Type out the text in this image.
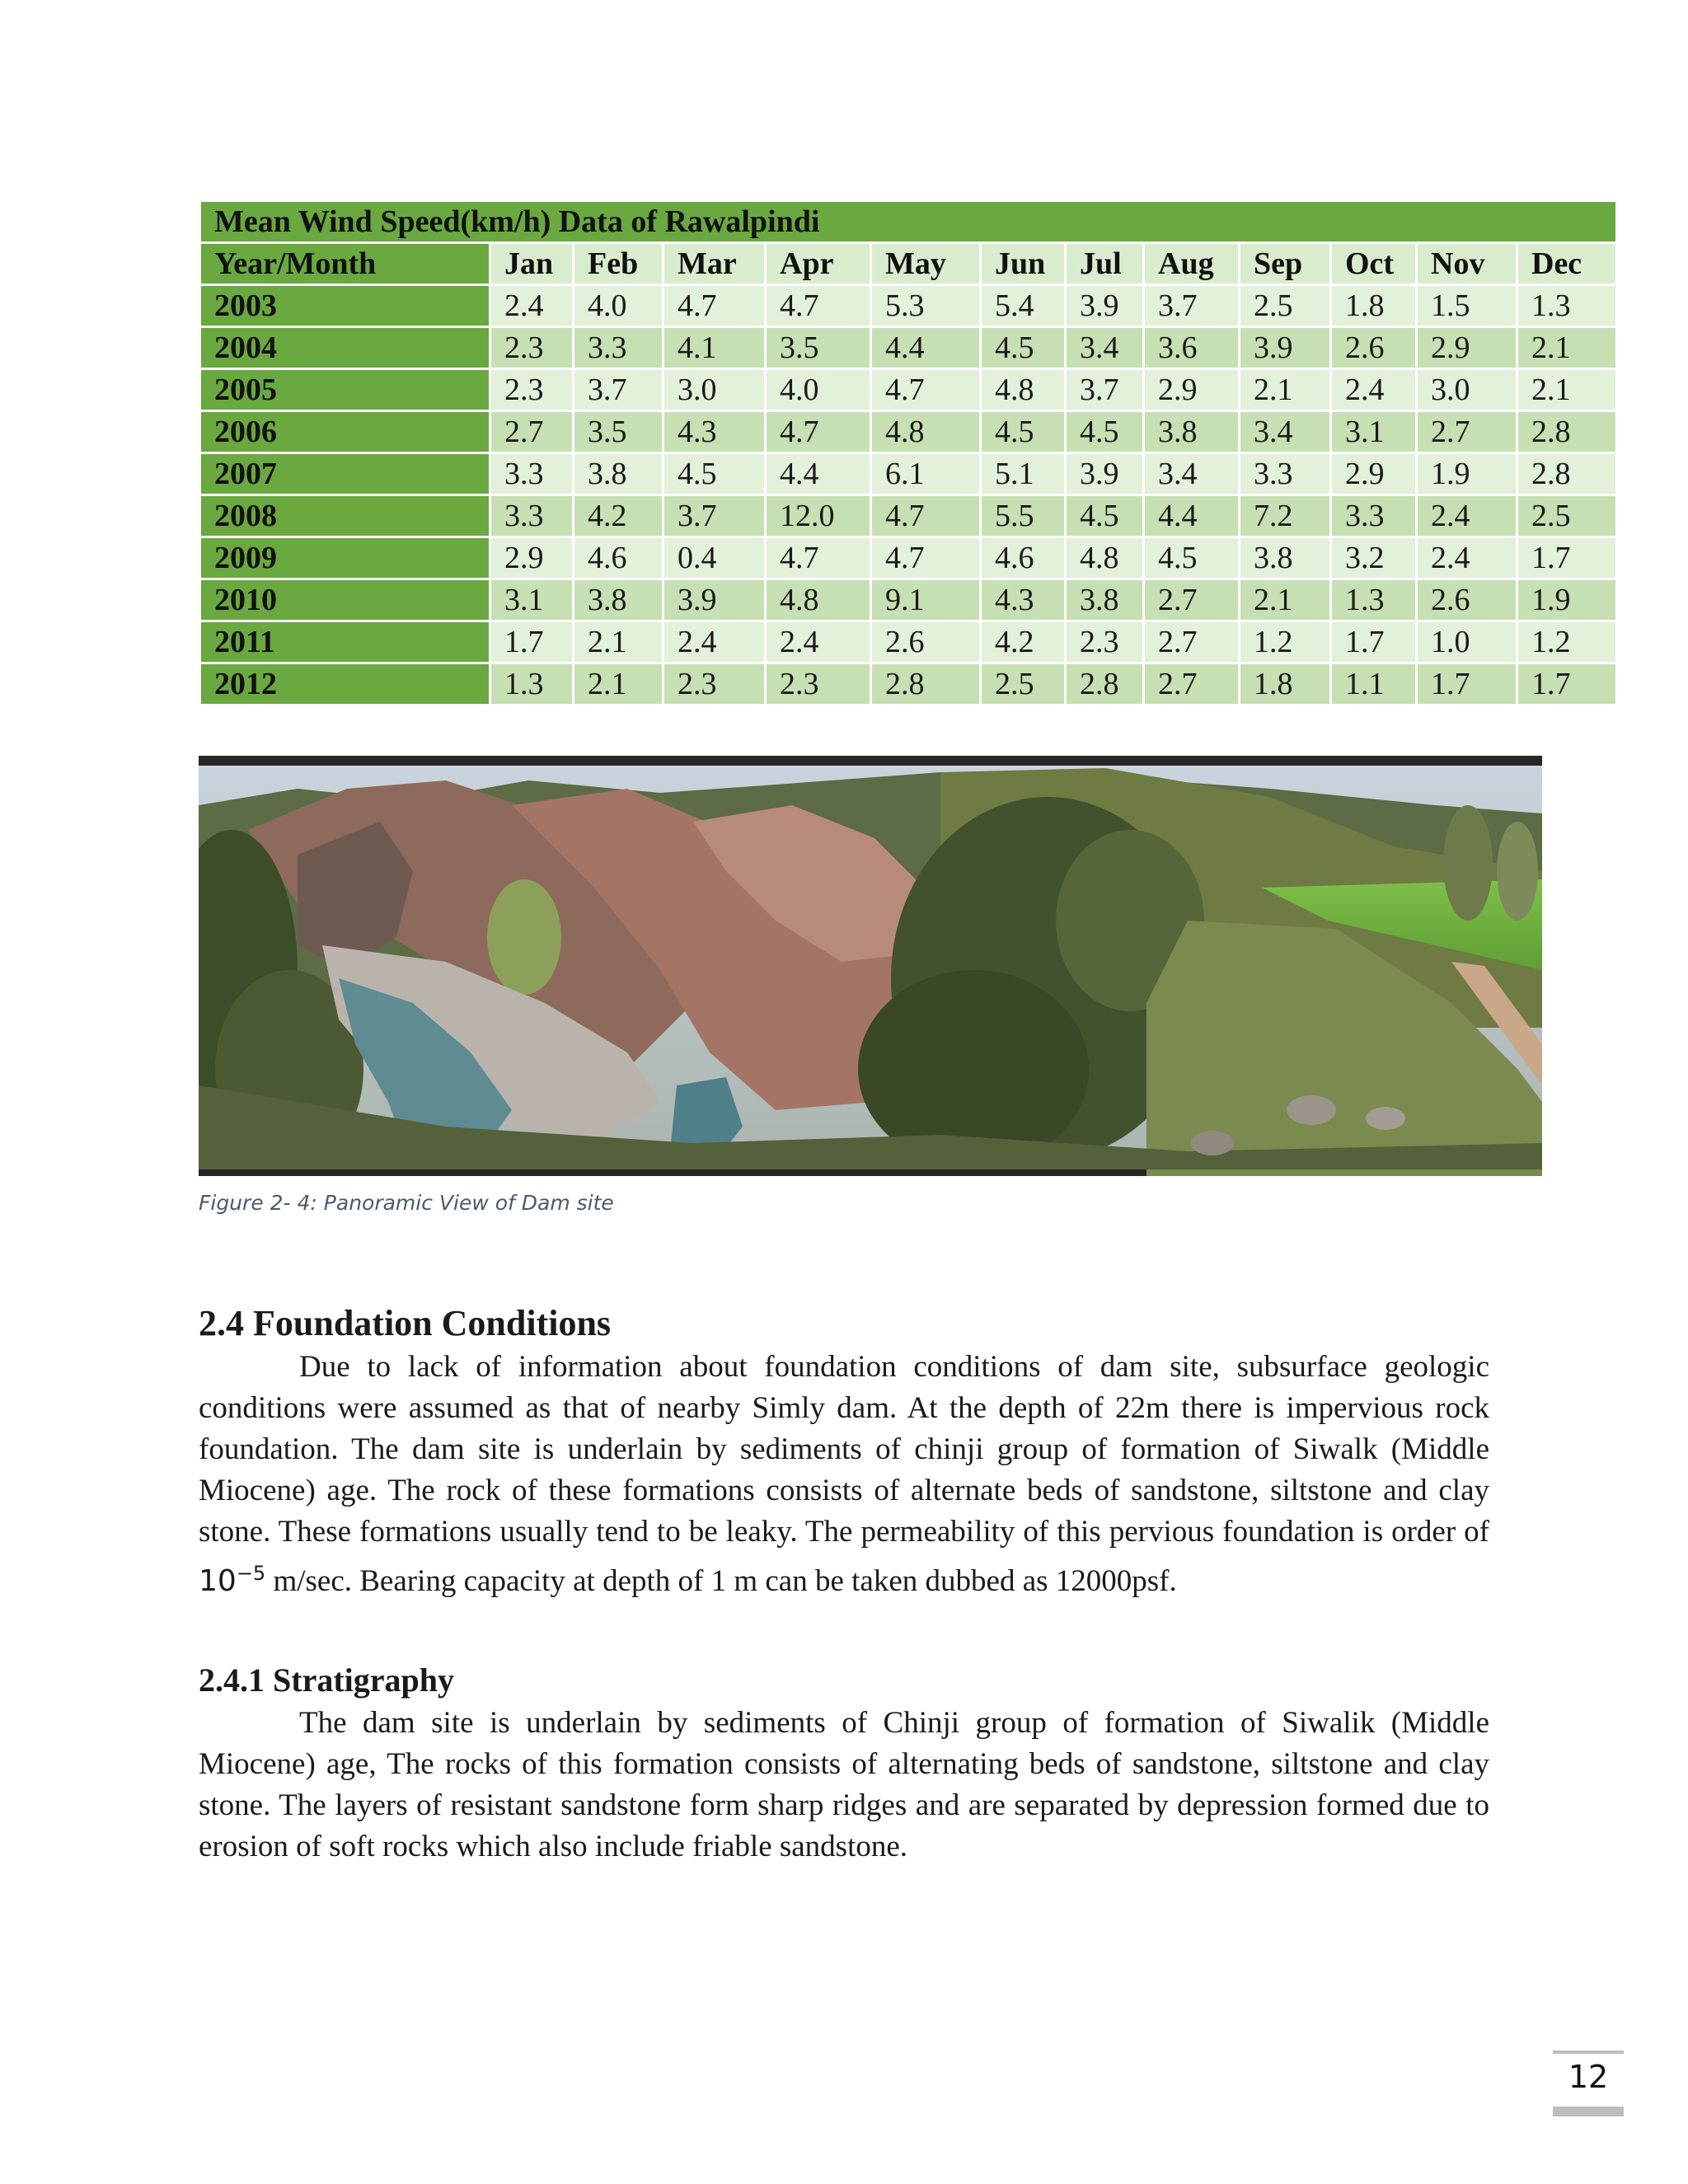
Mean Wind Speed(km/h) Data of Rawalpindi												
Year/Month	Jan	Feb	Mar	Apr	May	Jun	Jul	Aug	Sep	Oct	Nov	Dec
2003	2.4	4.0	4.7	4.7	5.3	5.4	3.9	3.7	2.5	1.8	1.5	1.3
2004	2.3	3.3	4.1	3.5	4.4	4.5	3.4	3.6	3.9	2.6	2.9	2.1
2005	2.3	3.7	3.0	4.0	4.7	4.8	3.7	2.9	2.1	2.4	3.0	2.1
2006	2.7	3.5	4.3	4.7	4.8	4.5	4.5	3.8	3.4	3.1	2.7	2.8
2007	3.3	3.8	4.5	4.4	6.1	5.1	3.9	3.4	3.3	2.9	1.9	2.8
2008	3.3	4.2	3.7	12.0	4.7	5.5	4.5	4.4	7.2	3.3	2.4	2.5
2009	2.9	4.6	0.4	4.7	4.7	4.6	4.8	4.5	3.8	3.2	2.4	1.7
2010	3.1	3.8	3.9	4.8	9.1	4.3	3.8	2.7	2.1	1.3	2.6	1.9
2011	1.7	2.1	2.4	2.4	2.6	4.2	2.3	2.7	1.2	1.7	1.0	1.2
2012	1.3	2.1	2.3	2.3	2.8	2.5	2.8	2.7	1.8	1.1	1.7	1.7
Figure 2- 4: Panoramic View of Dam site
2.4 Foundation Conditions

Due to lack of information about foundation conditions of dam site, subsurface geologic conditions were assumed as that of nearby Simly dam. At the depth of 22m there is impervious rock foundation. The dam site is underlain by sediments of chinji group of formation of Siwalk (Middle Miocene) age. The rock of these formations consists of alternate beds of sandstone, siltstone and clay stone. These formations usually tend to be leaky. The permeability of this pervious foundation is order of $10^{-5}$ m/sec. Bearing capacity at depth of 1 m can be taken dubbed as 12000psf.

2.4.1 Stratigraphy

The dam site is underlain by sediments of Chinji group of formation of Siwalik (Middle Miocene) age, The rocks of this formation consists of alternating beds of sandstone, siltstone and clay stone. The layers of resistant sandstone form sharp ridges and are separated by depression formed due to erosion of soft rocks which also include friable sandstone.

12
